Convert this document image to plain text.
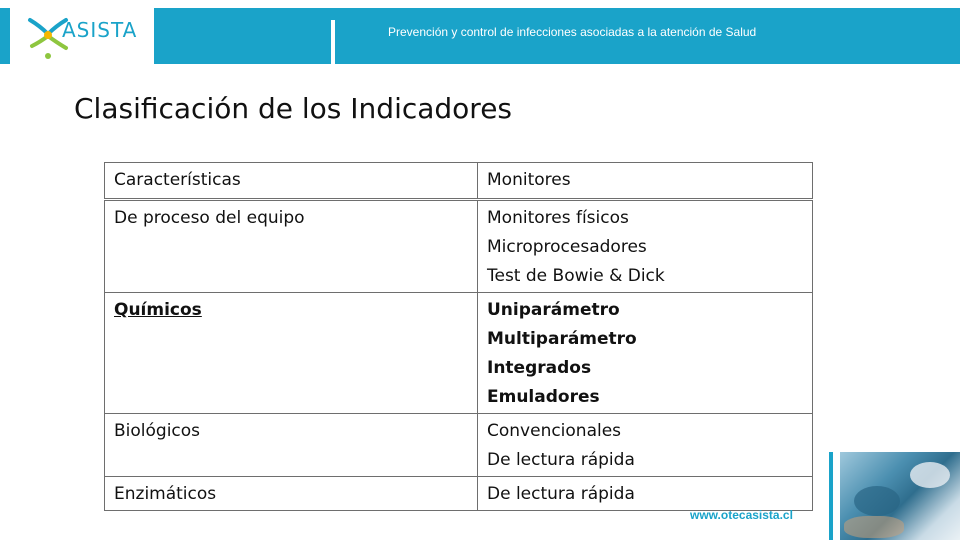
ASISTA	Prevención y control de infecciones asociadas a la atención de Salud
Clasificación de los Indicadores
Características	Monitores
De proceso del equipo	Monitores físicos
Microprocesadores
Test de Bowie & Dick

Químicos	Uniparámetro
Multiparámetro
Integrados
Emuladores

Biológicos	Convencionales
De lectura rápida

Enzimáticos	De lectura rápida
www.otecasista.cl
